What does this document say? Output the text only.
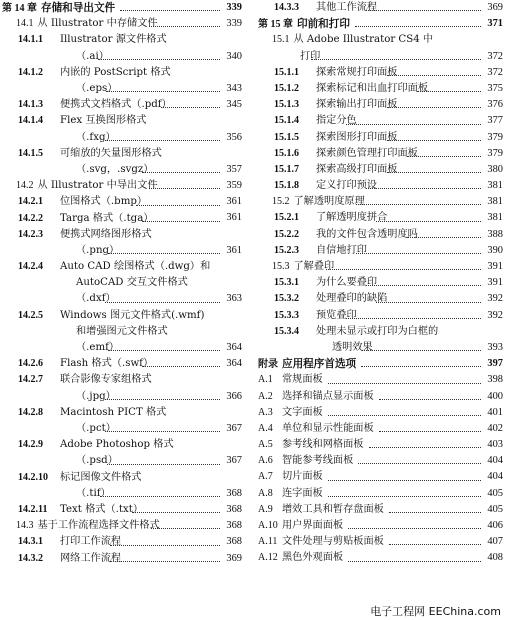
第 14 章 存储和导出文件	339
14.1 从 Illustrator 中存储文件	339
14.1.1 Illustrator 源文件格式
（.ai）	340
14.1.2 内嵌的 PostScript 格式
（.eps）	343
14.1.3 便携式文档格式（.pdf）	345
14.1.4 Flex 互换图形格式
（.fxg）	356
14.1.5 可缩放的矢量图形格式
（.svg，.svgz）	357
14.2 从 Illustrator 中导出文件	359
14.2.1 位图格式（.bmp）	361
14.2.2 Targa 格式（.tga）	361
14.2.3 便携式网络图形格式
（.png）	361
14.2.4 Auto CAD 绘图格式（.dwg）和
AutoCAD 交互文件格式
（.dxf）	363
14.2.5 Windows 图元文件格式(.wmf)
和增强图元文件格式
（.emf）	364
14.2.6 Flash 格式（.swf）	364
14.2.7 联合影像专家组格式
（.jpg）	366
14.2.8 Macintosh PICT 格式
（.pct）	367
14.2.9 Adobe Photoshop 格式
（.psd）	367
14.2.10 标记图像文件格式
（.tif）	368
14.2.11 Text 格式（.txt）	368
14.3 基于工作流程选择文件格式	368
14.3.1 打印工作流程	368
14.3.2 网络工作流程	369
14.3.3 其他工作流程	369
第 15 章 印前和打印	371
15.1 从 Adobe Illustrator CS4 中
打印	372
15.1.1 探索常规打印面板	372
15.1.2 探索标记和出血打印面板	375
15.1.3 探索输出打印面板	376
15.1.4 指定分色	377
15.1.5 探索图形打印面板	379
15.1.6 探索颜色管理打印面板	379
15.1.7 探索高级打印面板	380
15.1.8 定义打印预设	381
15.2 了解透明度原理	381
15.2.1 了解透明度拼合	381
15.2.2 我的文件包含透明度吗	388
15.2.3 自信地打印	390
15.3 了解叠印	391
15.3.1 为什么要叠印	391
15.3.2 处理叠印的缺陷	392
15.3.3 预览叠印	392
15.3.4 处理未显示或打印为白框的
透明效果	393
附录 应用程序首选项	397
A.1 常规面板	398
A.2 选择和锚点显示面板	400
A.3 文字面板	401
A.4 单位和显示性能面板	402
A.5 参考线和网格面板	403
A.6 智能参考线面板	404
A.7 切片面板	404
A.8 连字面板	405
A.9 增效工具和暂存盘面板	405
A.10 用户界面面板	406
A.11 文件处理与剪贴板面板	407
A.12 黑色外观面板	408
电子工程网 EEChina.com
